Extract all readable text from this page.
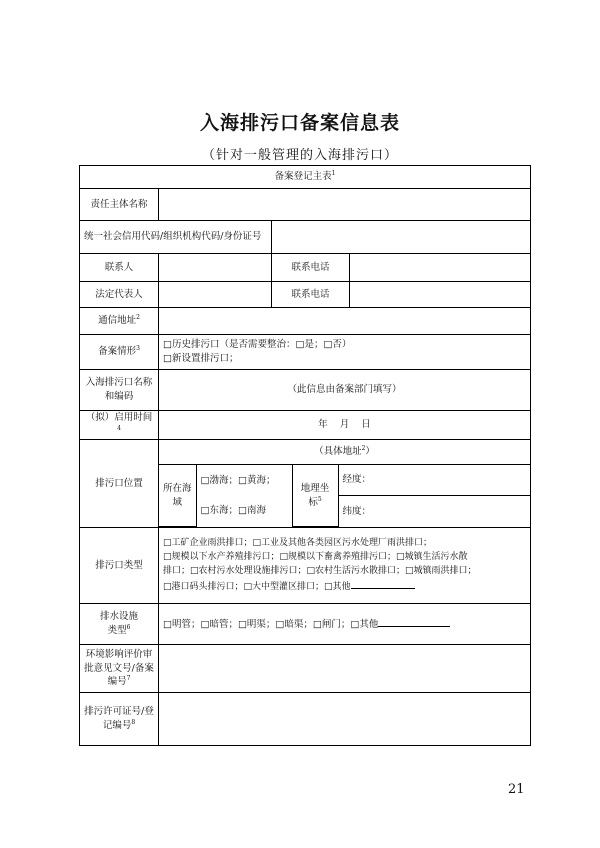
入海排污口备案信息表
（针对一般管理的入海排污口）
备案登记主表$^1$
责任主体名称	
统一社会信用代码/组织机构代码/身份证号	
联系人		联系电话	
法定代表人		联系电话	
通信地址$^2$	
备案情形$^3$	□历史排污口（是否需要整治：□是；□否）
□新设置排污口；

入海排污口名称和编码	（此信息由备案部门填写）
（拟）启用时间$^4$	年    月    日
排污口位置	
（具体地址$^2$）
所在海域	□渤海；□黄海；	地理坐标$^5$	经度：
□东海；□南海	纬度：

排污口类型	
□工矿企业雨洪排口；□工业及其他各类园区污水处理厂雨洪排口；
□规模以下水产养殖排污口；□规模以下畜禽养殖排污口；□城镇生活污水散
排口；□农村污水处理设施排污口；□农村生活污水散排口；□城镇雨洪排口；
□港口码头排污口；□大中型灌区排口；□其他

排水设施
类型$^6$	□明管；□暗管；□明渠；□暗渠；□闸门；□其他
环境影响评价审批意见文号/备案编号$^7$	
排污许可证号/登记编号$^8$	
21
